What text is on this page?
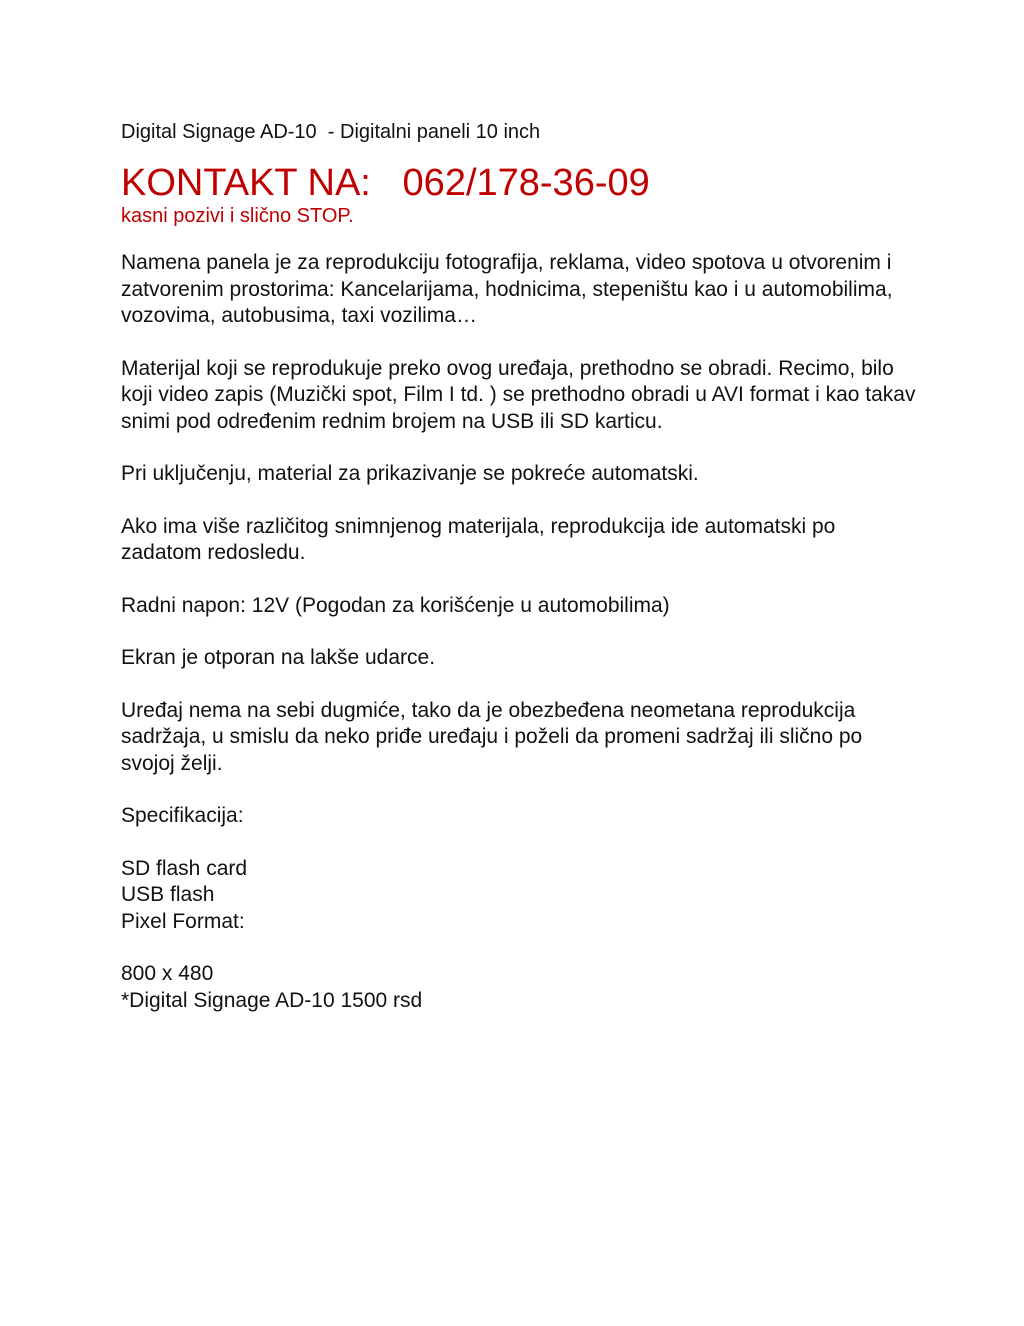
Digital Signage AD-10  - Digitalni paneli 10 inch

KONTAKT NA: 062/178-36-09

kasni pozivi i slično STOP.

Namena panela je za reprodukciju fotografija, reklama, video spotova u otvorenim i zatvorenim prostorima: Kancelarijama, hodnicima, stepeništu kao i u automobilima, vozovima, autobusima, taxi vozilima…

Materijal koji se reprodukuje preko ovog uređaja, prethodno se obradi. Recimo, bilo koji video zapis (Muzički spot, Film I td. ) se prethodno obradi u AVI format i kao takav snimi pod određenim rednim brojem na USB ili SD karticu.

Pri uključenju, material za prikazivanje se pokreće automatski.

Ako ima više različitog snimnjenog materijala, reprodukcija ide automatski po zadatom redosledu.

Radni napon: 12V (Pogodan za korišćenje u automobilima)

Ekran je otporan na lakše udarce.

Uređaj nema na sebi dugmiće, tako da je obezbeđena neometana reprodukcija sadržaja, u smislu da neko priđe uređaju i poželi da promeni sadržaj ili slično po svojoj želji.

Specifikacija:

SD flash card
USB flash
Pixel Format:
800 x 480
*Digital Signage AD-10 1500 rsd
